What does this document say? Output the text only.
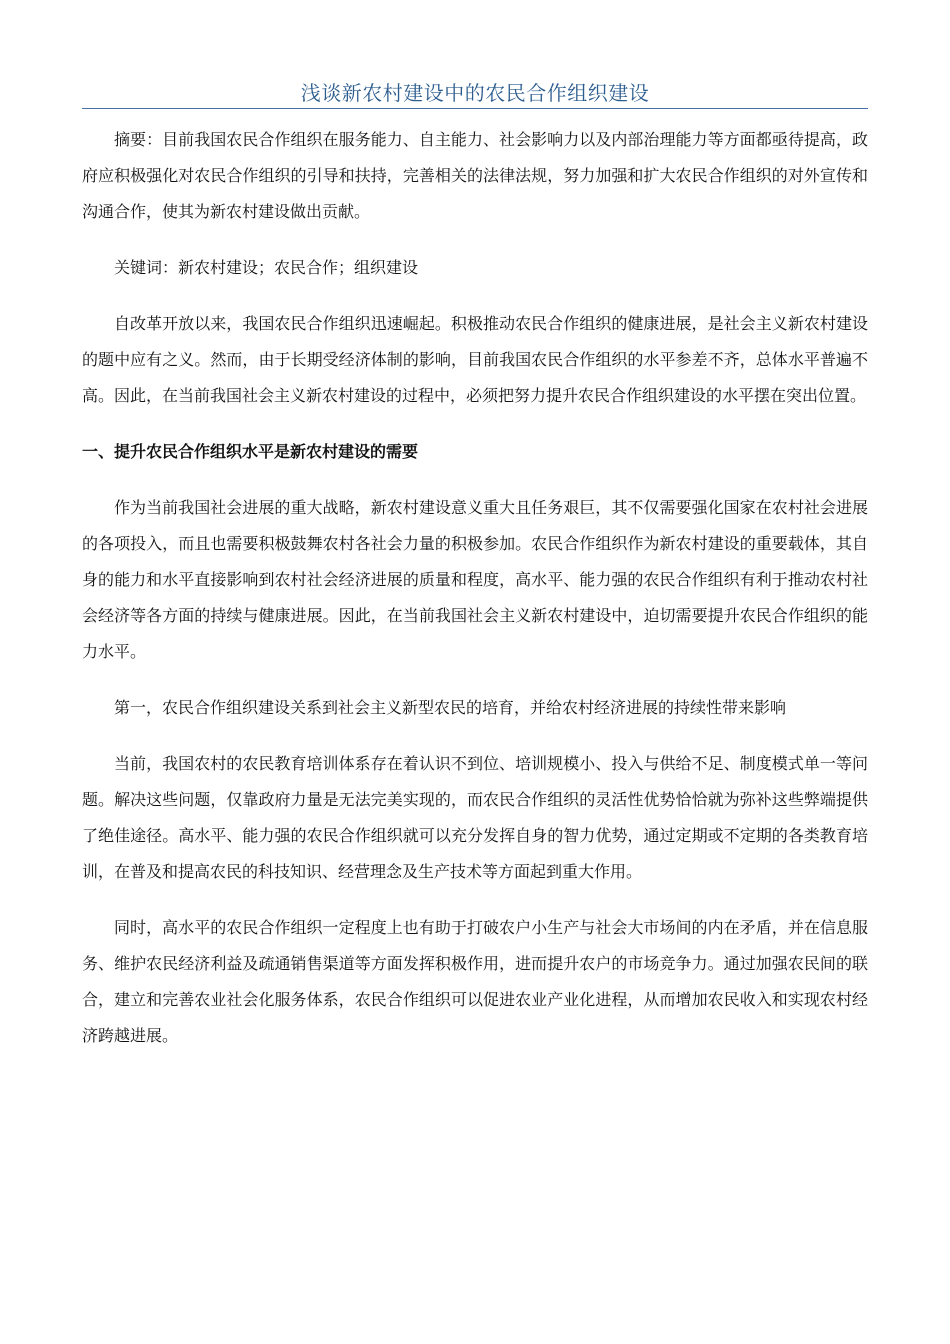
浅谈新农村建设中的农民合作组织建设

摘要：目前我国农民合作组织在服务能力、自主能力、社会影响力以及内部治理能力等方面都亟待提高，政府应积极强化对农民合作组织的引导和扶持，完善相关的法律法规，努力加强和扩大农民合作组织的对外宣传和沟通合作，使其为新农村建设做出贡献。

关键词：新农村建设；农民合作；组织建设

自改革开放以来，我国农民合作组织迅速崛起。积极推动农民合作组织的健康进展，是社会主义新农村建设的题中应有之义。然而，由于长期受经济体制的影响，目前我国农民合作组织的水平参差不齐，总体水平普遍不高。因此，在当前我国社会主义新农村建设的过程中，必须把努力提升农民合作组织建设的水平摆在突出位置。

一、提升农民合作组织水平是新农村建设的需要

作为当前我国社会进展的重大战略，新农村建设意义重大且任务艰巨，其不仅需要强化国家在农村社会进展的各项投入，而且也需要积极鼓舞农村各社会力量的积极参加。农民合作组织作为新农村建设的重要载体，其自身的能力和水平直接影响到农村社会经济进展的质量和程度，高水平、能力强的农民合作组织有利于推动农村社会经济等各方面的持续与健康进展。因此，在当前我国社会主义新农村建设中，迫切需要提升农民合作组织的能力水平。

第一，农民合作组织建设关系到社会主义新型农民的培育，并给农村经济进展的持续性带来影响

当前，我国农村的农民教育培训体系存在着认识不到位、培训规模小、投入与供给不足、制度模式单一等问题。解决这些问题，仅靠政府力量是无法完美实现的，而农民合作组织的灵活性优势恰恰就为弥补这些弊端提供了绝佳途径。高水平、能力强的农民合作组织就可以充分发挥自身的智力优势，通过定期或不定期的各类教育培训，在普及和提高农民的科技知识、经营理念及生产技术等方面起到重大作用。

同时，高水平的农民合作组织一定程度上也有助于打破农户小生产与社会大市场间的内在矛盾，并在信息服务、维护农民经济利益及疏通销售渠道等方面发挥积极作用，进而提升农户的市场竞争力。通过加强农民间的联合，建立和完善农业社会化服务体系，农民合作组织可以促进农业产业化进程，从而增加农民收入和实现农村经济跨越进展。
